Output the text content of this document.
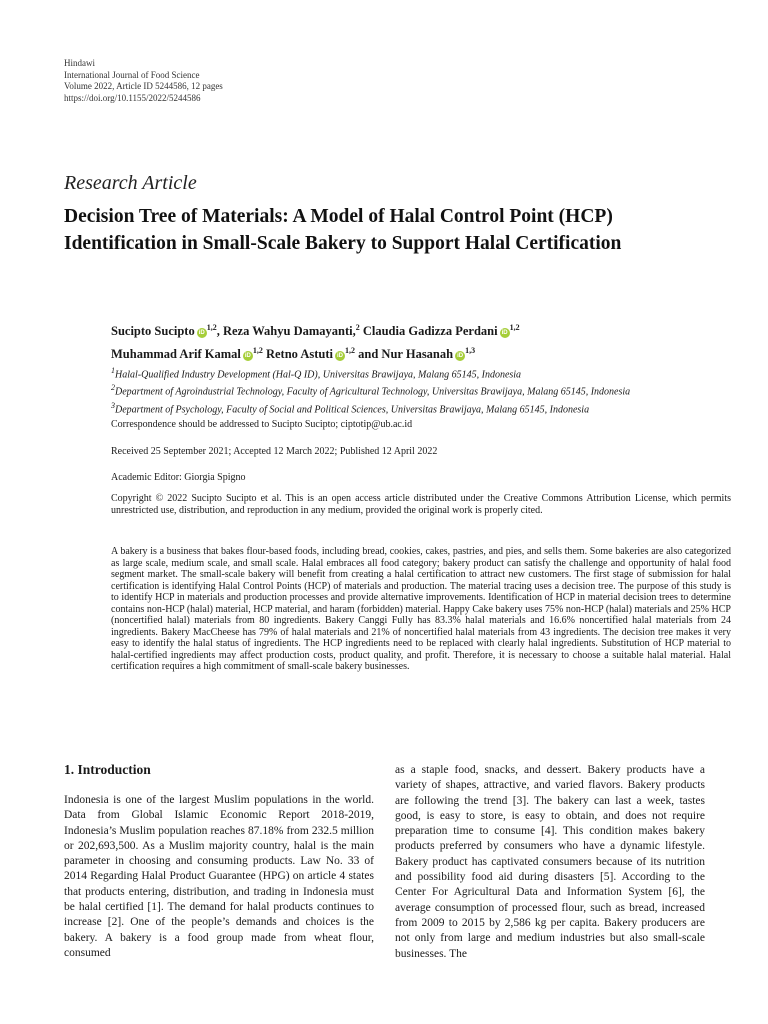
Hindawi
International Journal of Food Science
Volume 2022, Article ID 5244586, 12 pages
https://doi.org/10.1155/2022/5244586
Research Article
Decision Tree of Materials: A Model of Halal Control Point (HCP) Identification in Small-Scale Bakery to Support Halal Certification
Sucipto Sucipto iD$^{1,2}$, Reza Wahyu Damayanti,$^2$ Claudia Gadizza Perdani iD$^{1,2}$
Muhammad Arif Kamal iD$^{1,2}$ Retno Astuti iD$^{1,2}$ and Nur Hasanah iD$^{1,3}$
$^1$Halal-Qualified Industry Development (Hal-Q ID), Universitas Brawijaya, Malang 65145, Indonesia
$^2$Department of Agroindustrial Technology, Faculty of Agricultural Technology, Universitas Brawijaya, Malang 65145, Indonesia
$^3$Department of Psychology, Faculty of Social and Political Sciences, Universitas Brawijaya, Malang 65145, Indonesia
Correspondence should be addressed to Sucipto Sucipto; ciptotip@ub.ac.id
Received 25 September 2021; Accepted 12 March 2022; Published 12 April 2022
Academic Editor: Giorgia Spigno
Copyright © 2022 Sucipto Sucipto et al. This is an open access article distributed under the Creative Commons Attribution License, which permits unrestricted use, distribution, and reproduction in any medium, provided the original work is properly cited.
A bakery is a business that bakes flour-based foods, including bread, cookies, cakes, pastries, and pies, and sells them. Some bakeries are also categorized as large scale, medium scale, and small scale. Halal embraces all food category; bakery product can satisfy the challenge and opportunity of halal food segment market. The small-scale bakery will benefit from creating a halal certification to attract new customers. The first stage of submission for halal certification is identifying Halal Control Points (HCP) of materials and production. The material tracing uses a decision tree. The purpose of this study is to identify HCP in materials and production processes and provide alternative improvements. Identification of HCP in material decision trees to determine contains non-HCP (halal) material, HCP material, and haram (forbidden) material. Happy Cake bakery uses 75% non-HCP (halal) materials and 25% HCP (noncertified halal) materials from 80 ingredients. Bakery Canggi Fully has 83.3% halal materials and 16.6% noncertified halal materials from 24 ingredients. Bakery MacCheese has 79% of halal materials and 21% of noncertified halal materials from 43 ingredients. The decision tree makes it very easy to identify the halal status of ingredients. The HCP ingredients need to be replaced with clearly halal ingredients. Substitution of HCP material to halal-certified ingredients may affect production costs, product quality, and profit. Therefore, it is necessary to choose a suitable halal material. Halal certification requires a high commitment of small-scale bakery businesses.
1. Introduction
Indonesia is one of the largest Muslim populations in the world. Data from Global Islamic Economic Report 2018-2019, Indonesia’s Muslim population reaches 87.18% from 232.5 million or 202,693,500. As a Muslim majority country, halal is the main parameter in choosing and consuming products. Law No. 33 of 2014 Regarding Halal Product Guarantee (HPG) on article 4 states that products entering, distribution, and trading in Indonesia must be halal certified [1]. The demand for halal products continues to increase [2]. One of the people’s demands and choices is the bakery. A bakery is a food group made from wheat flour, consumed
as a staple food, snacks, and dessert. Bakery products have a variety of shapes, attractive, and varied flavors. Bakery products are following the trend [3]. The bakery can last a week, tastes good, is easy to store, is easy to obtain, and does not require preparation time to consume [4]. This condition makes bakery products preferred by consumers who have a dynamic lifestyle. Bakery product has captivated consumers because of its nutrition and possibility food aid during disasters [5]. According to the Center For Agricultural Data and Information System [6], the average consumption of processed flour, such as bread, increased from 2009 to 2015 by 2,586 kg per capita. Bakery producers are not only from large and medium industries but also small-scale businesses. The
